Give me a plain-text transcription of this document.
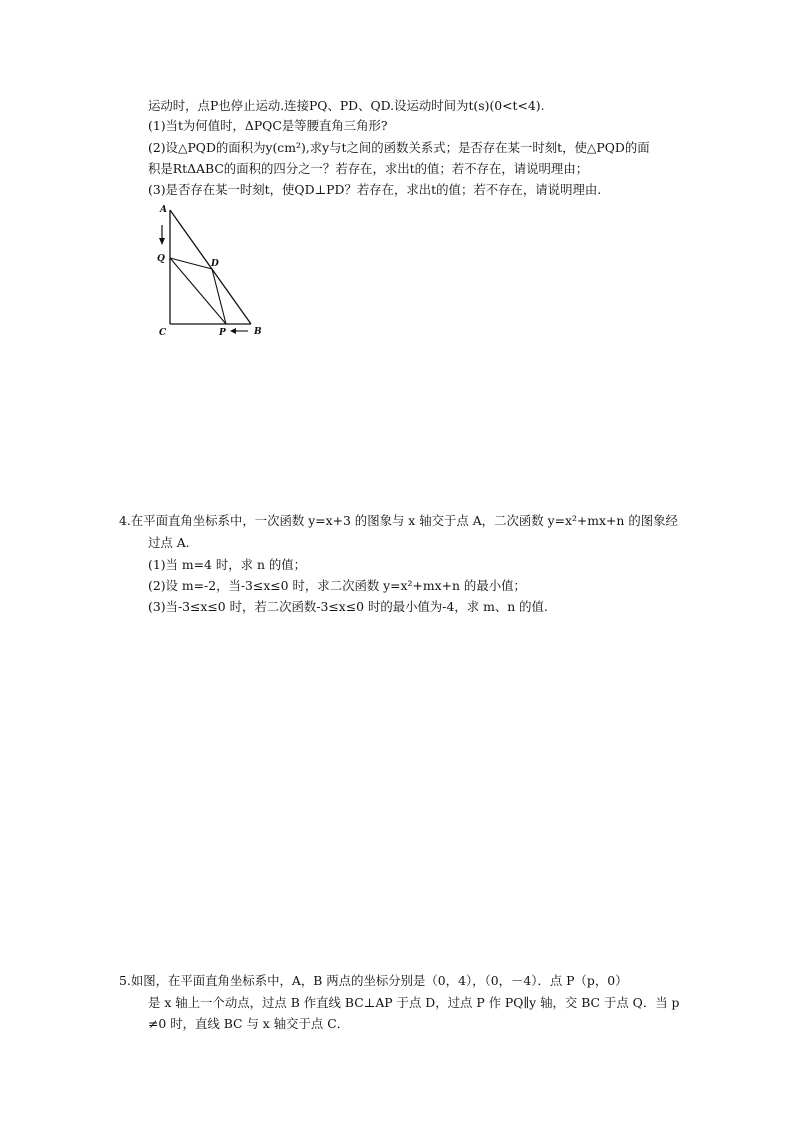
运动时，点P也停止运动.连接PQ、PD、QD.设运动时间为t(s)(0<t<4).
(1)当t为何值时，ΔPQC是等腰直角三角形?
(2)设△PQD的面积为y(cm²),求y与t之间的函数关系式；是否存在某一时刻t，使△PQD的面
积是RtΔABC的面积的四分之一？若存在，求出t的值；若不存在，请说明理由；
(3)是否存在某一时刻t，使QD⊥PD？若存在，求出t的值；若不存在，请说明理由.
A
Q	D
C	P	B
4.在平面直角坐标系中，一次函数 y=x+3 的图象与 x 轴交于点 A，二次函数 y=x²+mx+n 的图象经
过点 A.
(1)当 m=4 时，求 n 的值；
(2)设 m=-2，当-3≤x≤0 时，求二次函数 y=x²+mx+n 的最小值；
(3)当-3≤x≤0 时，若二次函数-3≤x≤0 时的最小值为-4，求 m、n 的值.
5.如图，在平面直角坐标系中，A，B 两点的坐标分别是（0，4），（0，－4）．点 P（p，0）
是 x 轴上一个动点，过点 B 作直线 BC⊥AP 于点 D，过点 P 作 PQ∥y 轴，交 BC 于点 Q．当 p
≠0 时，直线 BC 与 x 轴交于点 C．
